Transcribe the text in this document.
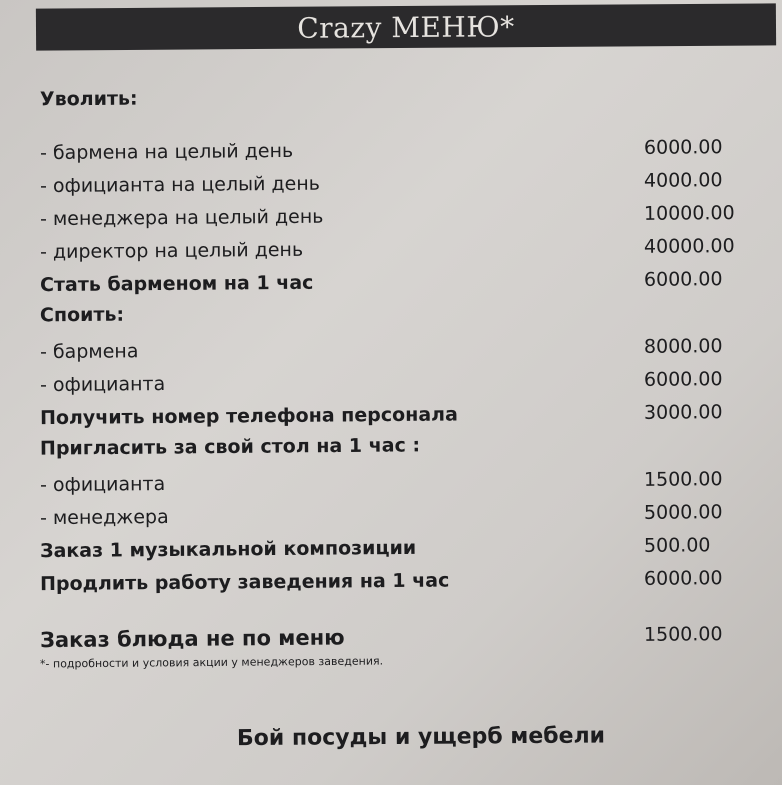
Crazy МЕНЮ*
Уволить:
- бармена на целый день	6000.00
- официанта на целый день	4000.00
- менеджера на целый день	10000.00
- директор на целый день	40000.00
Стать барменом на 1 час	6000.00
Споить:
- бармена	8000.00
- официанта	6000.00
Получить номер телефона персонала	3000.00
Пригласить за свой стол на 1 час :
- официанта	1500.00
- менеджера	5000.00
Заказ 1 музыкальной композиции	500.00
Продлить работу заведения на 1 час	6000.00
Заказ блюда не по меню	1500.00
*- подробности и условия акции у менеджеров заведения.
Бой посуды и ущерб мебели
